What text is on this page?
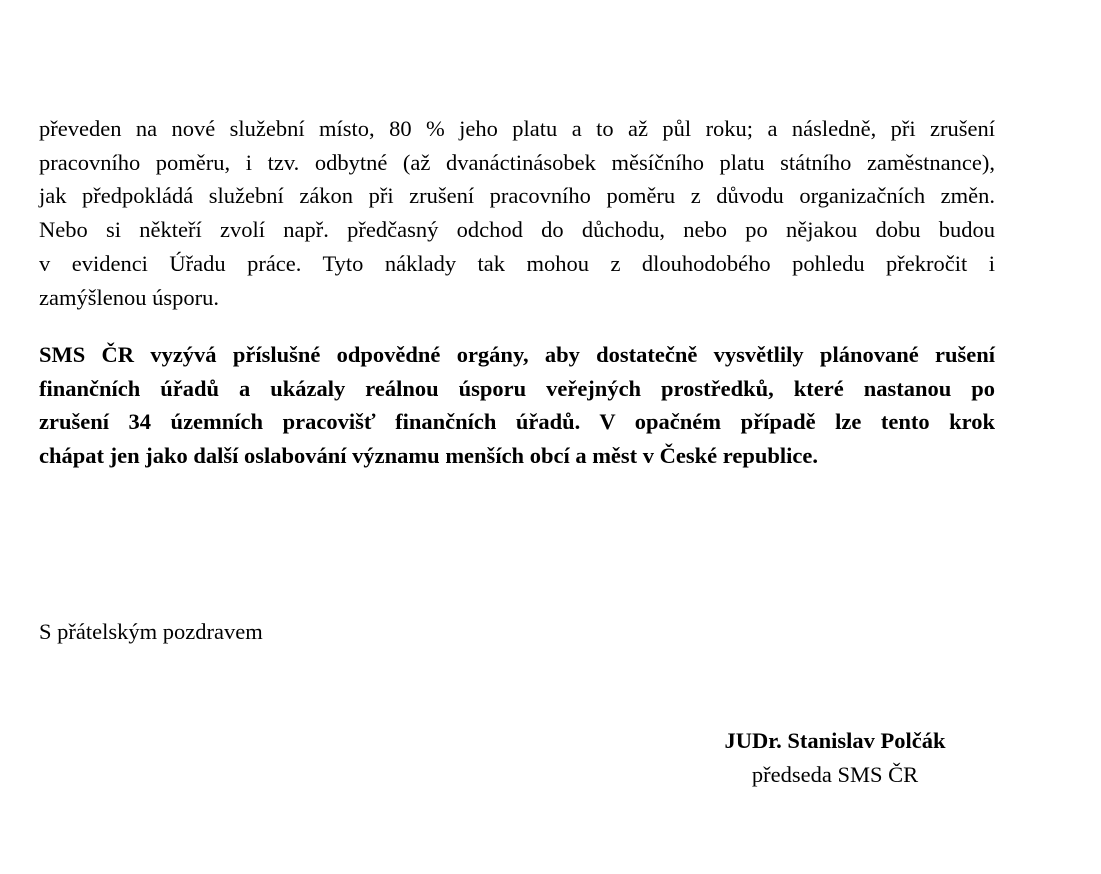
převeden na nové služební místo, 80 % jeho platu a to až půl roku; a následně, při zrušení
pracovního poměru, i tzv. odbytné (až dvanáctinásobek měsíčního platu státního zaměstnance),
jak předpokládá služební zákon při zrušení pracovního poměru z důvodu organizačních změn.
Nebo si někteří zvolí např. předčasný odchod do důchodu, nebo po nějakou dobu budou
v evidenci Úřadu práce. Tyto náklady tak mohou z dlouhodobého pohledu překročit i
zamýšlenou úsporu.
SMS ČR vyzývá příslušné odpovědné orgány, aby dostatečně vysvětlily plánované rušení
finančních úřadů a ukázaly reálnou úsporu veřejných prostředků, které nastanou po
zrušení 34 územních pracovišť finančních úřadů. V opačném případě lze tento krok
chápat jen jako další oslabování významu menších obcí a měst v České republice.

S přátelským pozdravem

JUDr. Stanislav Polčák
předseda SMS ČR
